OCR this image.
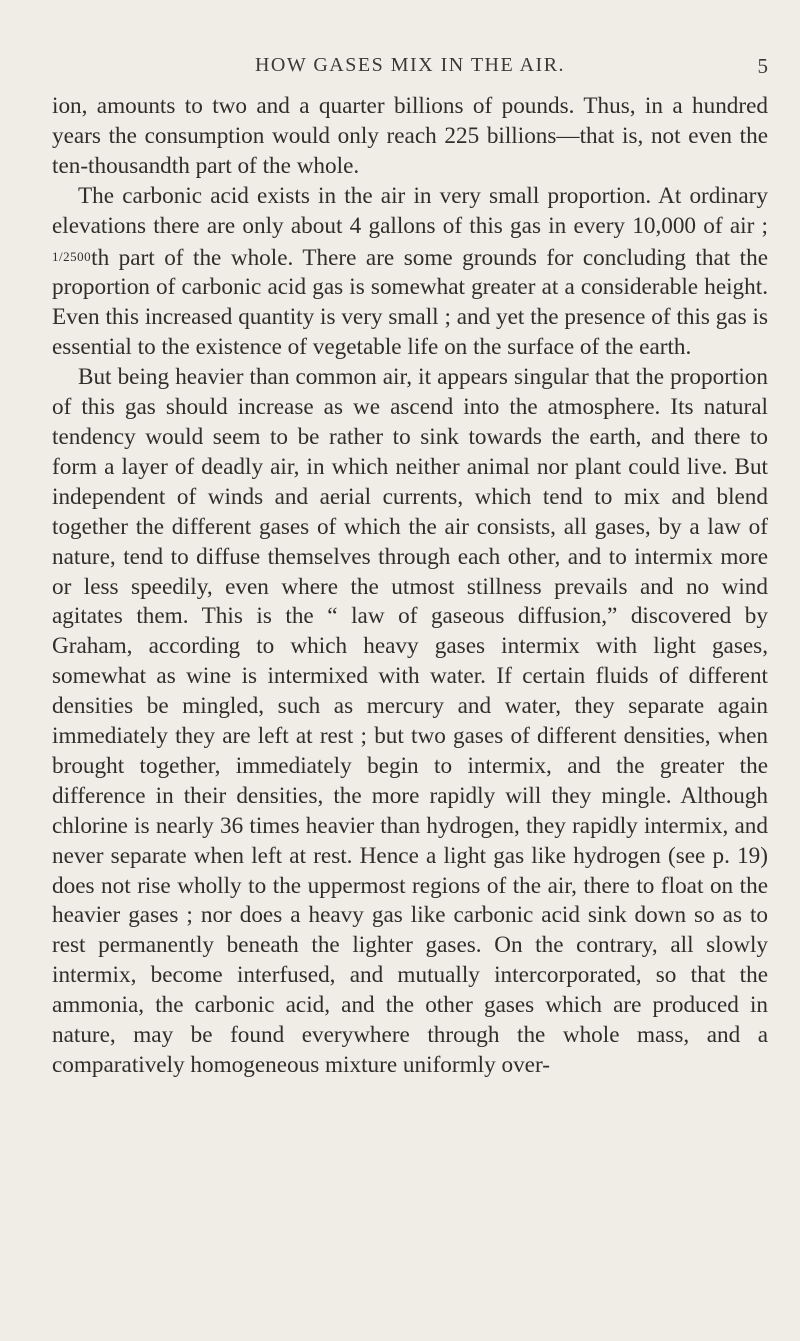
HOW GASES MIX IN THE AIR.	5

ion, amounts to two and a quarter billions of pounds. Thus, in a hundred years the consumption would only reach 225 billions—that is, not even the ten-thousandth part of the whole.

The carbonic acid exists in the air in very small proportion. At ordinary elevations there are only about 4 gallons of this gas in every 10,000 of air ; 1/2500th part of the whole. There are some grounds for concluding that the proportion of carbonic acid gas is somewhat greater at a considerable height. Even this increased quantity is very small ; and yet the presence of this gas is essential to the existence of vegetable life on the surface of the earth.

But being heavier than common air, it appears singular that the proportion of this gas should increase as we ascend into the atmosphere. Its natural tendency would seem to be rather to sink towards the earth, and there to form a layer of deadly air, in which neither animal nor plant could live. But independent of winds and aerial currents, which tend to mix and blend together the different gases of which the air consists, all gases, by a law of nature, tend to diffuse themselves through each other, and to intermix more or less speedily, even where the utmost stillness prevails and no wind agitates them. This is the “ law of gaseous diffusion,” discovered by Graham, according to which heavy gases intermix with light gases, somewhat as wine is intermixed with water. If certain fluids of different densities be mingled, such as mercury and water, they separate again immediately they are left at rest ; but two gases of different densities, when brought together, immediately begin to intermix, and the greater the difference in their densities, the more rapidly will they mingle. Although chlorine is nearly 36 times heavier than hydrogen, they rapidly intermix, and never separate when left at rest. Hence a light gas like hydrogen (see p. 19) does not rise wholly to the uppermost regions of the air, there to float on the heavier gases ; nor does a heavy gas like carbonic acid sink down so as to rest permanently beneath the lighter gases. On the contrary, all slowly intermix, become interfused, and mutually intercorporated, so that the ammonia, the carbonic acid, and the other gases which are produced in nature, may be found everywhere through the whole mass, and a comparatively homogeneous mixture uniformly over-
